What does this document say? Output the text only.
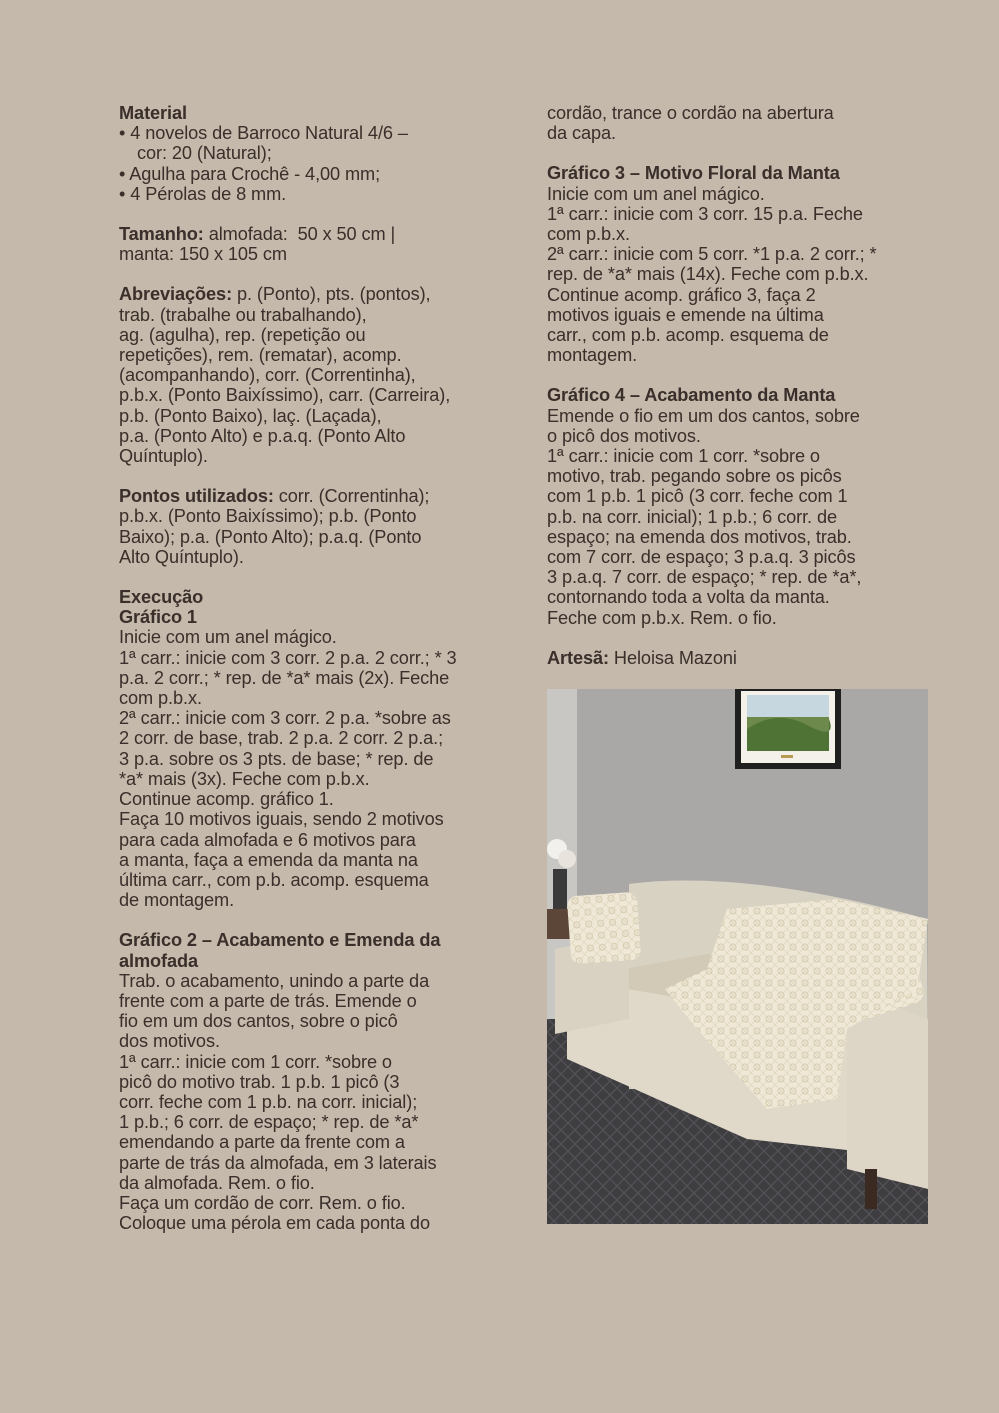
Material
• 4 novelos de Barroco Natural 4/6 –
cor: 20 (Natural);
• Agulha para Crochê - 4,00 mm;
• 4 Pérolas de 8 mm.
Tamanho: almofada:  50 x 50 cm |
manta: 150 x 105 cm
Abreviações: p. (Ponto), pts. (pontos),
trab. (trabalhe ou trabalhando),
ag. (agulha), rep. (repetição ou
repetições), rem. (rematar), acomp.
(acompanhando), corr. (Correntinha),
p.b.x. (Ponto Baixíssimo), carr. (Carreira),
p.b. (Ponto Baixo), laç. (Laçada),
p.a. (Ponto Alto) e p.a.q. (Ponto Alto
Quíntuplo).
Pontos utilizados: corr. (Correntinha);
p.b.x. (Ponto Baixíssimo); p.b. (Ponto
Baixo); p.a. (Ponto Alto); p.a.q. (Ponto
Alto Quíntuplo).
Execução
Gráfico 1
Inicie com um anel mágico.
1ª carr.: inicie com 3 corr. 2 p.a. 2 corr.; * 3
p.a. 2 corr.; * rep. de *a* mais (2x). Feche
com p.b.x.
2ª carr.: inicie com 3 corr. 2 p.a. *sobre as
2 corr. de base, trab. 2 p.a. 2 corr. 2 p.a.;
3 p.a. sobre os 3 pts. de base; * rep. de
*a* mais (3x). Feche com p.b.x.
Continue acomp. gráfico 1.
Faça 10 motivos iguais, sendo 2 motivos
para cada almofada e 6 motivos para
a manta, faça a emenda da manta na
última carr., com p.b. acomp. esquema
de montagem.
Gráfico 2 – Acabamento e Emenda da
almofada
Trab. o acabamento, unindo a parte da
frente com a parte de trás. Emende o
fio em um dos cantos, sobre o picô
dos motivos.
1ª carr.: inicie com 1 corr. *sobre o
picô do motivo trab. 1 p.b. 1 picô (3
corr. feche com 1 p.b. na corr. inicial);
1 p.b.; 6 corr. de espaço; * rep. de *a*
emendando a parte da frente com a
parte de trás da almofada, em 3 laterais
da almofada. Rem. o fio.
Faça um cordão de corr. Rem. o fio.
Coloque uma pérola em cada ponta do
cordão, trance o cordão na abertura
da capa.
Gráfico 3 – Motivo Floral da Manta
Inicie com um anel mágico.
1ª carr.: inicie com 3 corr. 15 p.a. Feche
com p.b.x.
2ª carr.: inicie com 5 corr. *1 p.a. 2 corr.; *
rep. de *a* mais (14x). Feche com p.b.x.
Continue acomp. gráfico 3, faça 2
motivos iguais e emende na última
carr., com p.b. acomp. esquema de
montagem.
Gráfico 4 – Acabamento da Manta
Emende o fio em um dos cantos, sobre
o picô dos motivos.
1ª carr.: inicie com 1 corr. *sobre o
motivo, trab. pegando sobre os picôs
com 1 p.b. 1 picô (3 corr. feche com 1
p.b. na corr. inicial); 1 p.b.; 6 corr. de
espaço; na emenda dos motivos, trab.
com 7 corr. de espaço; 3 p.a.q. 3 picôs
3 p.a.q. 7 corr. de espaço; * rep. de *a*,
contornando toda a volta da manta.
Feche com p.b.x. Rem. o fio.
Artesã: Heloisa Mazoni
